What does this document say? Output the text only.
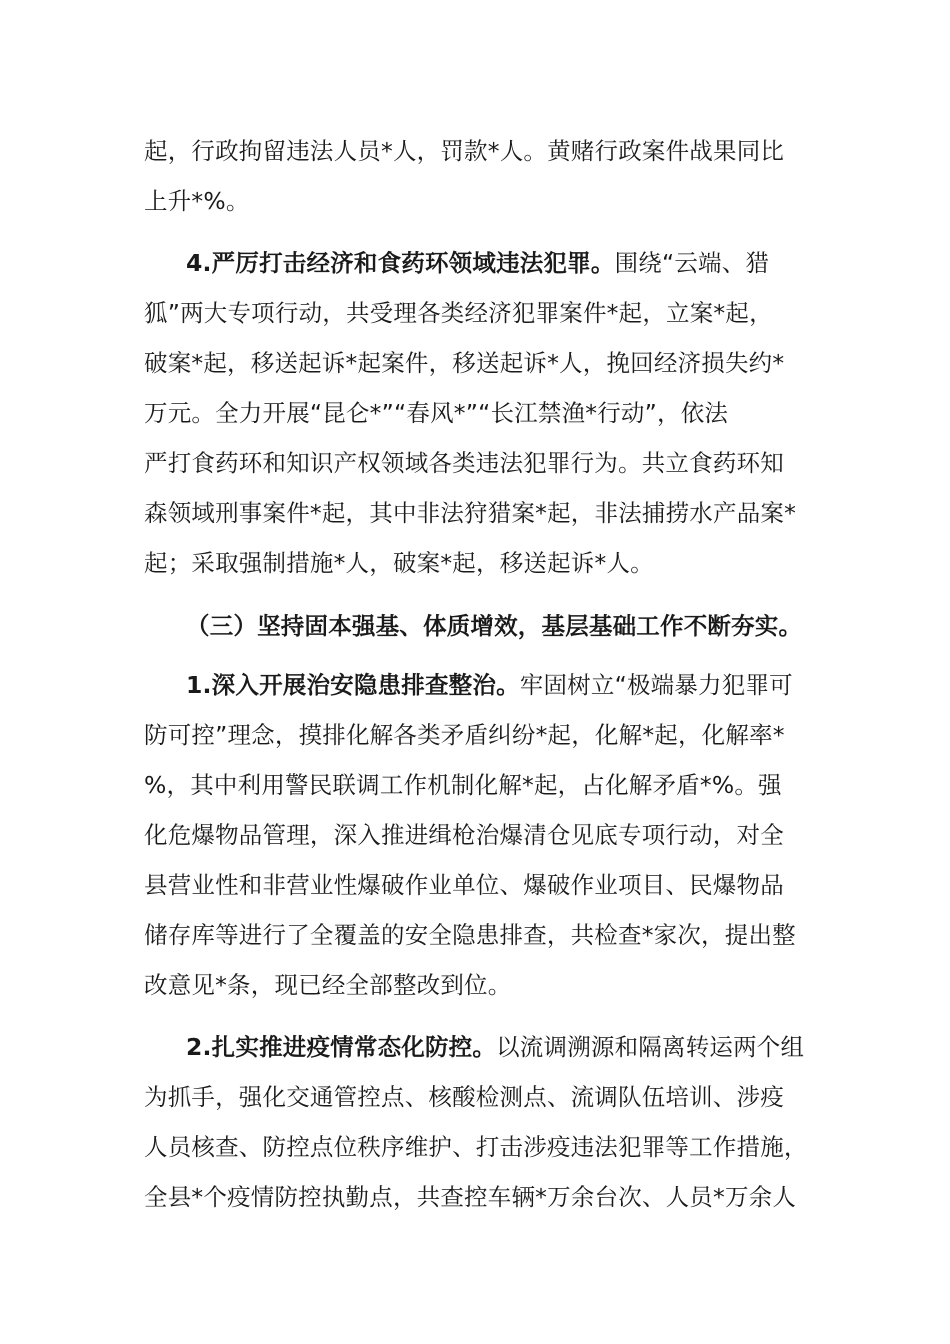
起，行政拘留违法人员*人，罚款*人。黄赌行政案件战果同比
上升*%。
4.严厉打击经济和食药环领域违法犯罪。围绕“云端、猎
狐”两大专项行动，共受理各类经济犯罪案件*起，立案*起，
破案*起，移送起诉*起案件，移送起诉*人，挽回经济损失约*
万元。全力开展“昆仑*”“春风*”“长江禁渔*行动”，依法
严打食药环和知识产权领域各类违法犯罪行为。共立食药环知
森领域刑事案件*起，其中非法狩猎案*起，非法捕捞水产品案*
起；采取强制措施*人，破案*起，移送起诉*人。
（三）坚持固本强基、体质增效，基层基础工作不断夯实。
1.深入开展治安隐患排查整治。牢固树立“极端暴力犯罪可
防可控”理念，摸排化解各类矛盾纠纷*起，化解*起，化解率*
%，其中利用警民联调工作机制化解*起，占化解矛盾*%。强
化危爆物品管理，深入推进缉枪治爆清仓见底专项行动，对全
县营业性和非营业性爆破作业单位、爆破作业项目、民爆物品
储存库等进行了全覆盖的安全隐患排查，共检查*家次，提出整
改意见*条，现已经全部整改到位。
2.扎实推进疫情常态化防控。以流调溯源和隔离转运两个组
为抓手，强化交通管控点、核酸检测点、流调队伍培训、涉疫
人员核查、防控点位秩序维护、打击涉疫违法犯罪等工作措施，
全县*个疫情防控执勤点，共查控车辆*万余台次、人员*万余人
